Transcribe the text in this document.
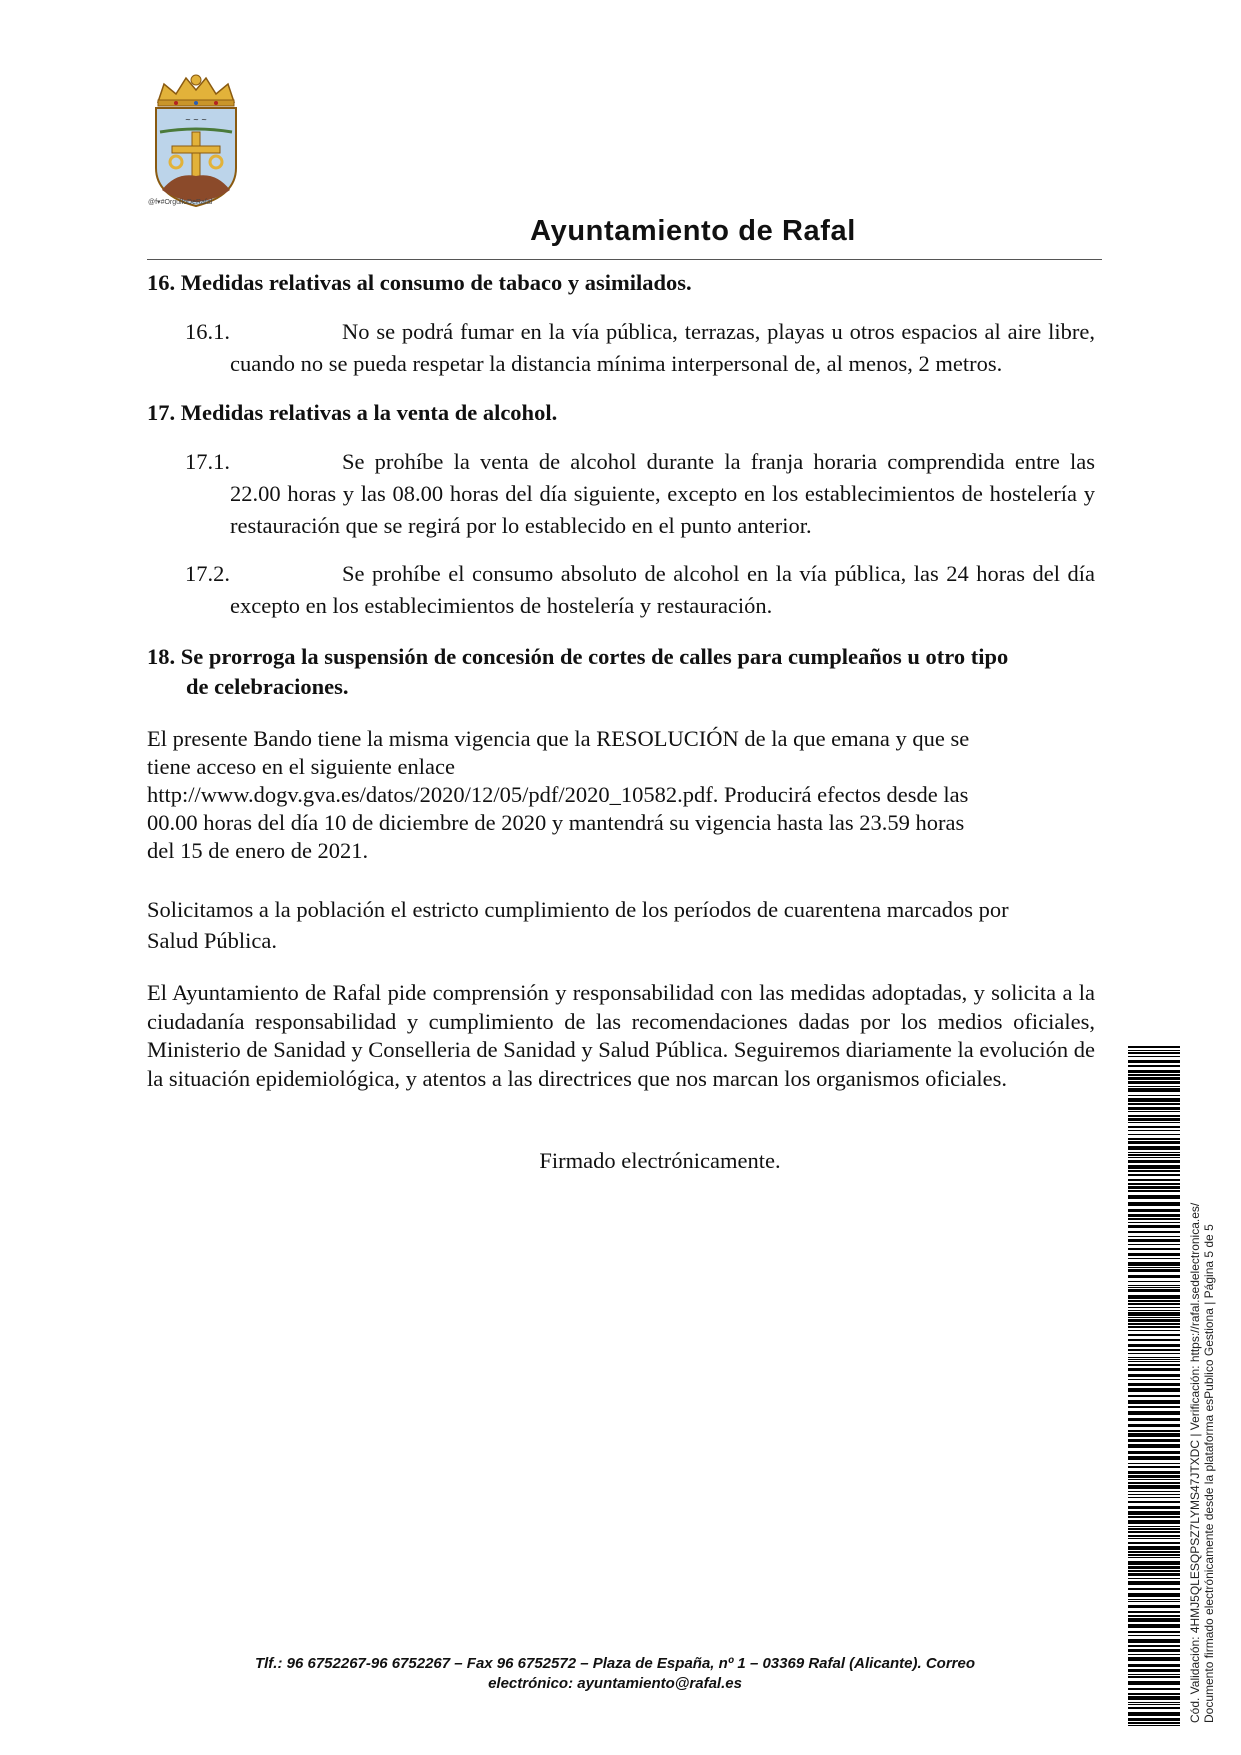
~ ~ ~
@f▾#OrgulloDeRafal
Ayuntamiento de Rafal
16. Medidas relativas al consumo de tabaco y asimilados.
16.1.	No se podrá fumar en la vía pública, terrazas, playas u otros espacios al aire libre, cuando no se pueda respetar la distancia mínima interpersonal de, al menos, 2 metros.
17. Medidas relativas a la venta de alcohol.
17.1.	Se prohíbe la venta de alcohol durante la franja horaria comprendida entre las 22.00 horas y las 08.00 horas del día siguiente, excepto en los establecimientos de hostelería y restauración que se regirá por lo establecido en el punto anterior.
17.2.	Se prohíbe el consumo absoluto de alcohol en la vía pública, las 24 horas del día excepto en los establecimientos de hostelería y restauración.
18. Se prorroga la suspensión de concesión de cortes de calles para cumpleaños u otro tipo
de celebraciones.
El presente Bando tiene la misma vigencia que la RESOLUCIÓN de la que emana y que se
tiene acceso en el siguiente enlace
http://www.dogv.gva.es/datos/2020/12/05/pdf/2020_10582.pdf. Producirá efectos desde las
00.00 horas del día 10 de diciembre de 2020 y mantendrá su vigencia hasta las 23.59 horas
del 15 de enero de 2021.
Solicitamos a la población el estricto cumplimiento de los períodos de cuarentena marcados por
Salud Pública.
El Ayuntamiento de Rafal pide comprensión y responsabilidad con las medidas adoptadas, y solicita a la ciudadanía responsabilidad y cumplimiento de las recomendaciones dadas por los medios oficiales, Ministerio de Sanidad y Conselleria de Sanidad y Salud Pública. Seguiremos diariamente la evolución de la situación epidemiológica, y atentos a las directrices que nos marcan los organismos oficiales.
Firmado electrónicamente.
Tlf.: 96 6752267-96 6752267 – Fax 96 6752572 – Plaza de España, nº 1 – 03369 Rafal (Alicante). Correo
electrónico: ayuntamiento@rafal.es	Cód. Validación: 4HMJ5QLESQPSZ7LYMS47JTXDC | Verificación: https://rafal.sedelectronica.es/ Documento firmado electrónicamente desde la plataforma esPublico Gestiona | Página 5 de 5
